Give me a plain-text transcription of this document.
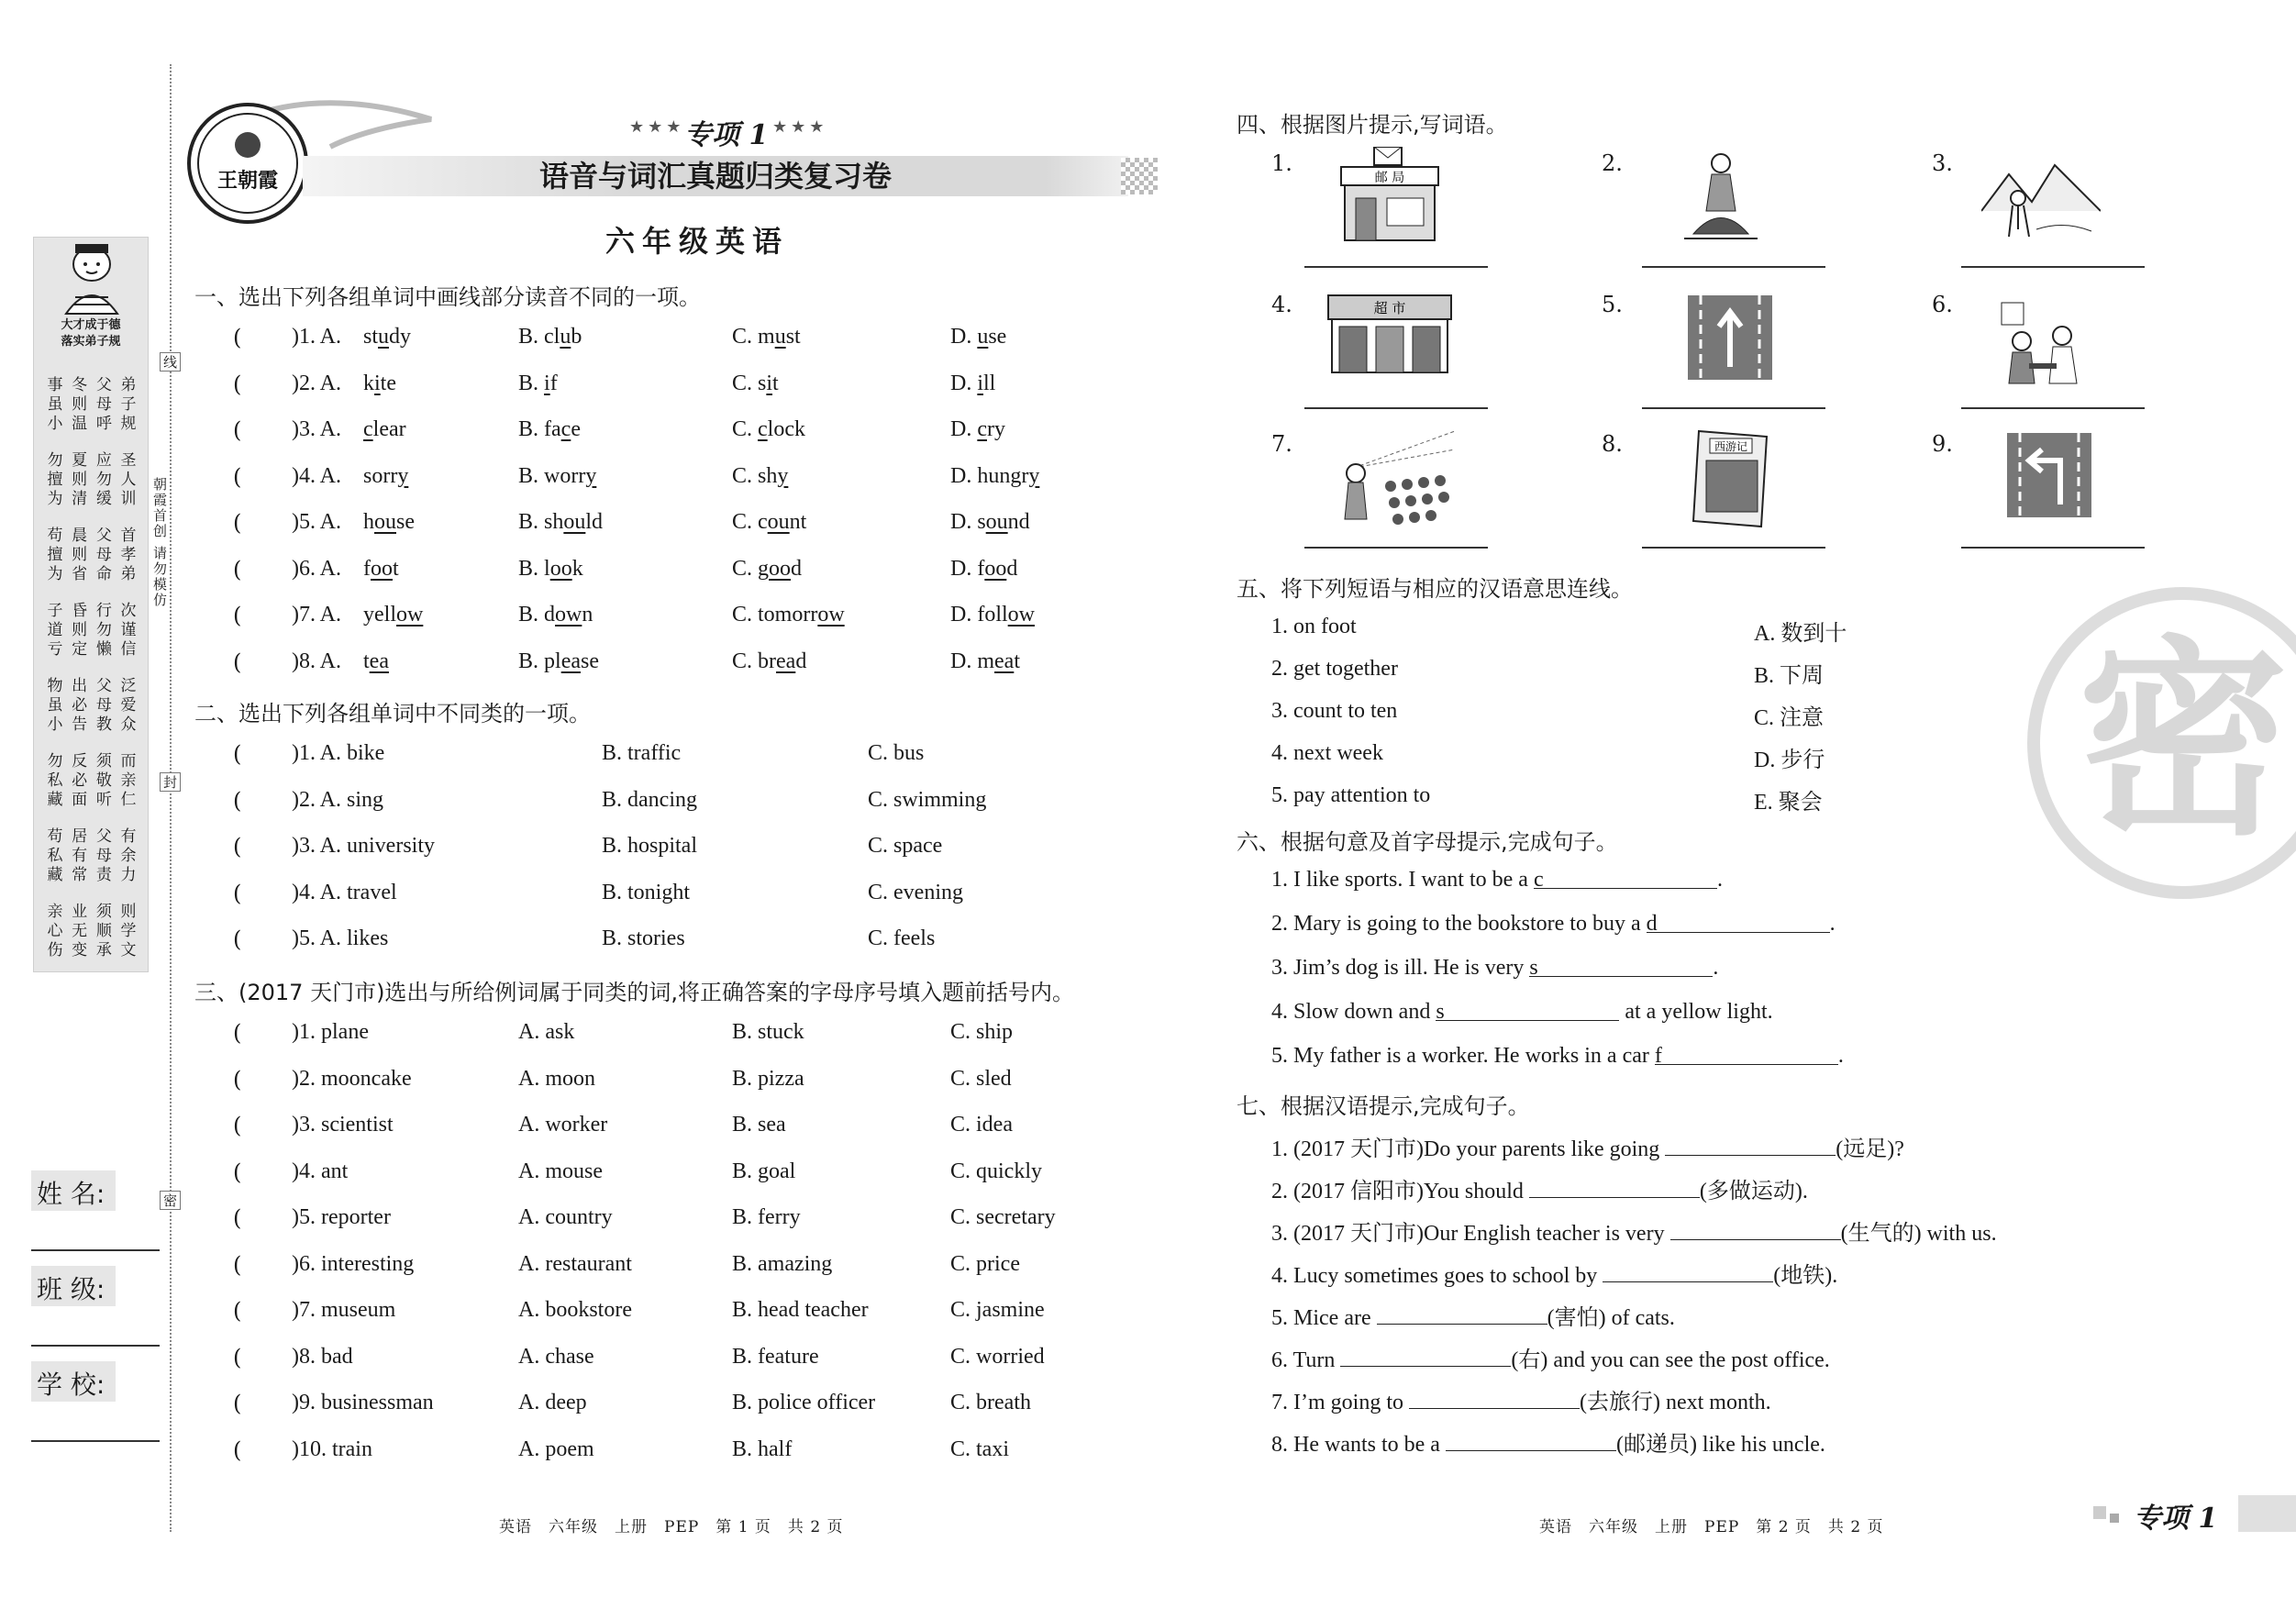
大才成于德
落实弟子规
事虽小
冬则温
父母呼
弟子规
勿擅为
夏则清
应勿缓
圣人训
苟擅为
晨则省
父母命
首孝弟
子道亏
昏则定
行勿懒
次谨信
物虽小
出必告
父母教
泛爱众
勿私藏
反必面
须敬听
而亲仁
苟私藏
居有常
父母责
有余力
亲心伤
业无变
须顺承
则学文
姓 名:
班 级:
学 校:
线
封
密
朝霞首创 请勿模仿
王朝霞
★★★ 专项 1 ★★★
语音与词汇真题归类复习卷
六年级英语
一、选出下列各组单词中画线部分读音不同的一项。
( )1. A. study	B. club	C. must	D. use
( )2. A. kite	B. if	C. sit	D. ill
( )3. A. clear	B. face	C. clock	D. cry
( )4. A. sorry	B. worry	C. shy	D. hungry
( )5. A. house	B. should	C. count	D. sound
( )6. A. foot	B. look	C. good	D. food
( )7. A. yellow	B. down	C. tomorrow	D. follow
( )8. A. tea	B. please	C. bread	D. meat
二、选出下列各组单词中不同类的一项。
( )1. A. bike	B. traffic	C. bus
( )2. A. sing	B. dancing	C. swimming
( )3. A. university	B. hospital	C. space
( )4. A. travel	B. tonight	C. evening
( )5. A. likes	B. stories	C. feels
三、(2017 天门市)选出与所给例词属于同类的词,将正确答案的字母序号填入题前括号内。
( )1. plane	A. ask	B. stuck	C. ship
( )2. mooncake	A. moon	B. pizza	C. sled
( )3. scientist	A. worker	B. sea	C. idea
( )4. ant	A. mouse	B. goal	C. quickly
( )5. reporter	A. country	B. ferry	C. secretary
( )6. interesting	A. restaurant	B. amazing	C. price
( )7. museum	A. bookstore	B. head teacher	C. jasmine
( )8. bad	A. chase	B. feature	C. worried
( )9. businessman	A. deep	B. police officer	C. breath
( )10. train	A. poem	B. half	C. taxi
英语　六年级　上册　PEP　第 1 页　共 2 页
四、根据图片提示,写词语。
1.
邮 局
2.	3.
4.	超 市	5.	6.
7.	8.	西游记	9.
五、将下列短语与相应的汉语意思连线。
1. on foot
2. get together
3. count to ten
4. next week
5. pay attention to
A. 数到十
B. 下周
C. 注意
D. 步行
E. 聚会
六、根据句意及首字母提示,完成句子。
1. I like sports. I want to be a c	.
2. Mary is going to the bookstore to buy a d	.
3. Jim’s dog is ill. He is very s	.
4. Slow down and s	at a yellow light.
5. My father is a worker. He works in a car f	.
七、根据汉语提示,完成句子。
1. (2017 天门市)Do your parents like going	(远足)?
2. (2017 信阳市)You should	(多做运动).
3. (2017 天门市)Our English teacher is very	(生气的) with us.
4. Lucy sometimes goes to school by	(地铁).
5. Mice are	(害怕) of cats.
6. Turn	(右) and you can see the post office.
7. I’m going to	(去旅行) next month.
8. He wants to be a	(邮递员) like his uncle.
英语　六年级　上册　PEP　第 2 页　共 2 页	专项 1
密
